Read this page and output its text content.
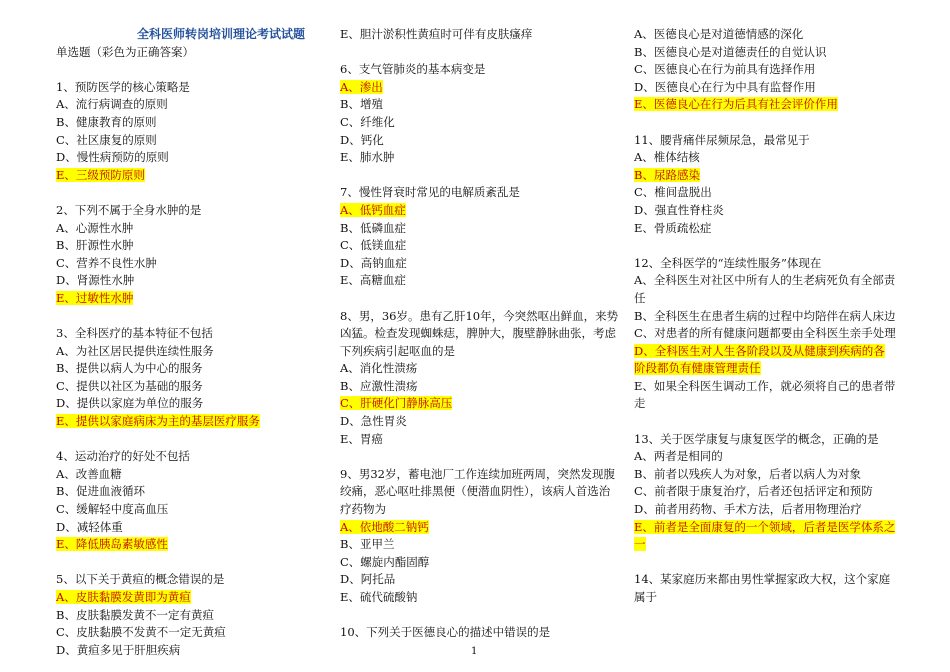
全科医师转岗培训理论考试试题
单选题（彩色为正确答案）
1、预防医学的核心策略是
A、流行病调查的原则
B、健康教育的原则
C、社区康复的原则
D、慢性病预防的原则
E、三级预防原则
2、下列不属于全身水肿的是
A、心源性水肿
B、肝源性水肿
C、营养不良性水肿
D、肾源性水肿
E、过敏性水肿
3、全科医疗的基本特征不包括
A、为社区居民提供连续性服务
B、提供以病人为中心的服务
C、提供以社区为基础的服务
D、提供以家庭为单位的服务
E、提供以家庭病床为主的基层医疗服务
4、运动治疗的好处不包括
A、改善血糖
B、促进血液循环
C、缓解轻中度高血压
D、减轻体重
E、降低胰岛素敏感性
5、以下关于黄疸的概念错误的是
A、皮肤黏膜发黄即为黄疸
B、皮肤黏膜发黄不一定有黄疸
C、皮肤黏膜不发黄不一定无黄疸
D、黄疸多见于肝胆疾病
E、胆汁淤积性黄疸时可伴有皮肤瘙痒
6、支气管肺炎的基本病变是
A、渗出
B、增殖
C、纤维化
D、钙化
E、肺水肿
7、慢性肾衰时常见的电解质紊乱是
A、低钙血症
B、低磷血症
C、低镁血症
D、高钠血症
E、高糖血症
8、男，36岁。患有乙肝10年，今突然呕出鲜血，来势凶猛。检查发现蜘蛛痣，脾肿大，腹壁静脉曲张，考虑下列疾病引起呕血的是
A、消化性溃疡
B、应激性溃疡
C、肝硬化门静脉高压
D、急性胃炎
E、胃癌
9、男32岁，蓄电池厂工作连续加班两周，突然发现腹绞痛，恶心呕吐排黑便（便潜血阴性），该病人首选治疗药物为
A、依地酸二钠钙
B、亚甲兰
C、螺旋内酯固醇
D、阿托品
E、硫代硫酸钠
10、下列关于医德良心的描述中错误的是
A、医德良心是对道德情感的深化
B、医德良心是对道德责任的自觉认识
C、医德良心在行为前具有选择作用
D、医德良心在行为中具有监督作用
E、医德良心在行为后具有社会评价作用
11、腰背痛伴尿频尿急，最常见于
A、椎体结核
B、尿路感染
C、椎间盘脱出
D、强直性脊柱炎
E、骨质疏松症
12、全科医学的“连续性服务”体现在
A、全科医生对社区中所有人的生老病死负有全部责任
B、全科医生在患者生病的过程中均陪伴在病人床边
C、对患者的所有健康问题都要由全科医生亲手处理
D、全科医生对人生各阶段以及从健康到疾病的各阶段都负有健康管理责任
E、如果全科医生调动工作，就必须将自己的患者带走
13、关于医学康复与康复医学的概念，正确的是
A、两者是相同的
B、前者以残疾人为对象，后者以病人为对象
C、前者限于康复治疗，后者还包括评定和预防
D、前者用药物、手术方法，后者用物理治疗
E、前者是全面康复的一个领域，后者是医学体系之一
14、某家庭历来都由男性掌握家政大权，这个家庭属于
1
